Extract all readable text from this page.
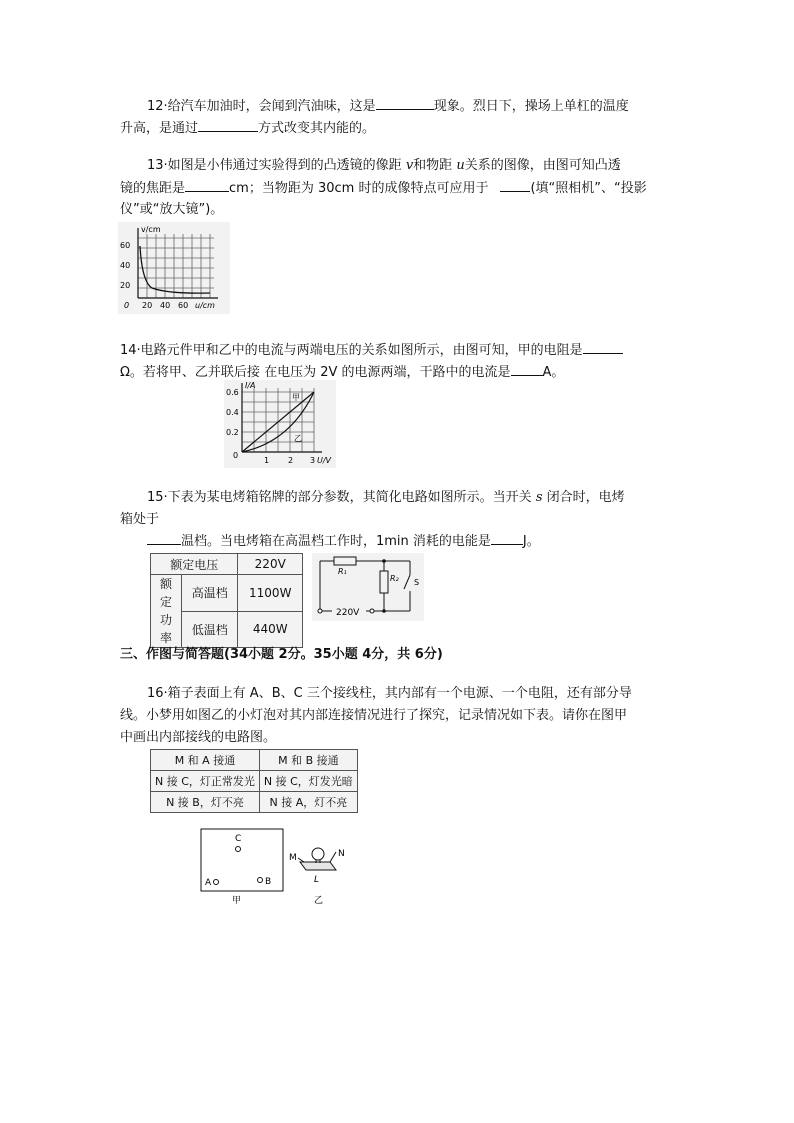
12·给汽车加油时，会闻到汽油味，这是	现象。烈日下，操场上单杠的温度
升高，是通过	方式改变其内能的。
13·如图是小伟通过实验得到的凸透镜的像距 v和物距 u关系的图像，由图可知凸透
镜的焦距是	cm；当物距为 30cm 时的成像特点可应用于	(填“照相机”、“投影
仪”或“放大镜”)。
v/cm
60
40
20
0 20 40 60 u/cm
14·电路元件甲和乙中的电流与两端电压的关系如图所示，由图可知，甲的电阻是
Ω。若将甲、乙并联后接 在电压为 2V 的电源两端，干路中的电流是 A。
I/A
0.6
0.4
0.2
0
1 2 3 U/V
甲
乙
15·下表为某电烤箱铭牌的部分参数，其简化电路如图所示。当开关 s 闭合时，电烤
箱处于
温档。当电烤箱在高温档工作时，1min 消耗的电能是 J。
额定电压		220V
额定功率	高温档	1100W
	低温档	440W
R₁
R₂ S
220V
三、作图与简答题(34小题 2分。35小题 4分，共 6分)
16·箱子表面上有 A、B、C 三个接线柱，其内部有一个电源、一个电阻，还有部分导
线。小梦用如图乙的小灯泡对其内部连接情况进行了探究，记录情况如下表。请你在图甲
中画出内部接线的电路图。
M 和 A 接通	M 和 B 接通
N 接 C，灯正常发光	N 接 C，灯发光暗
N 接 B，灯不亮	N 接 A，灯不亮
C
A	B
甲
M	N
L
乙
